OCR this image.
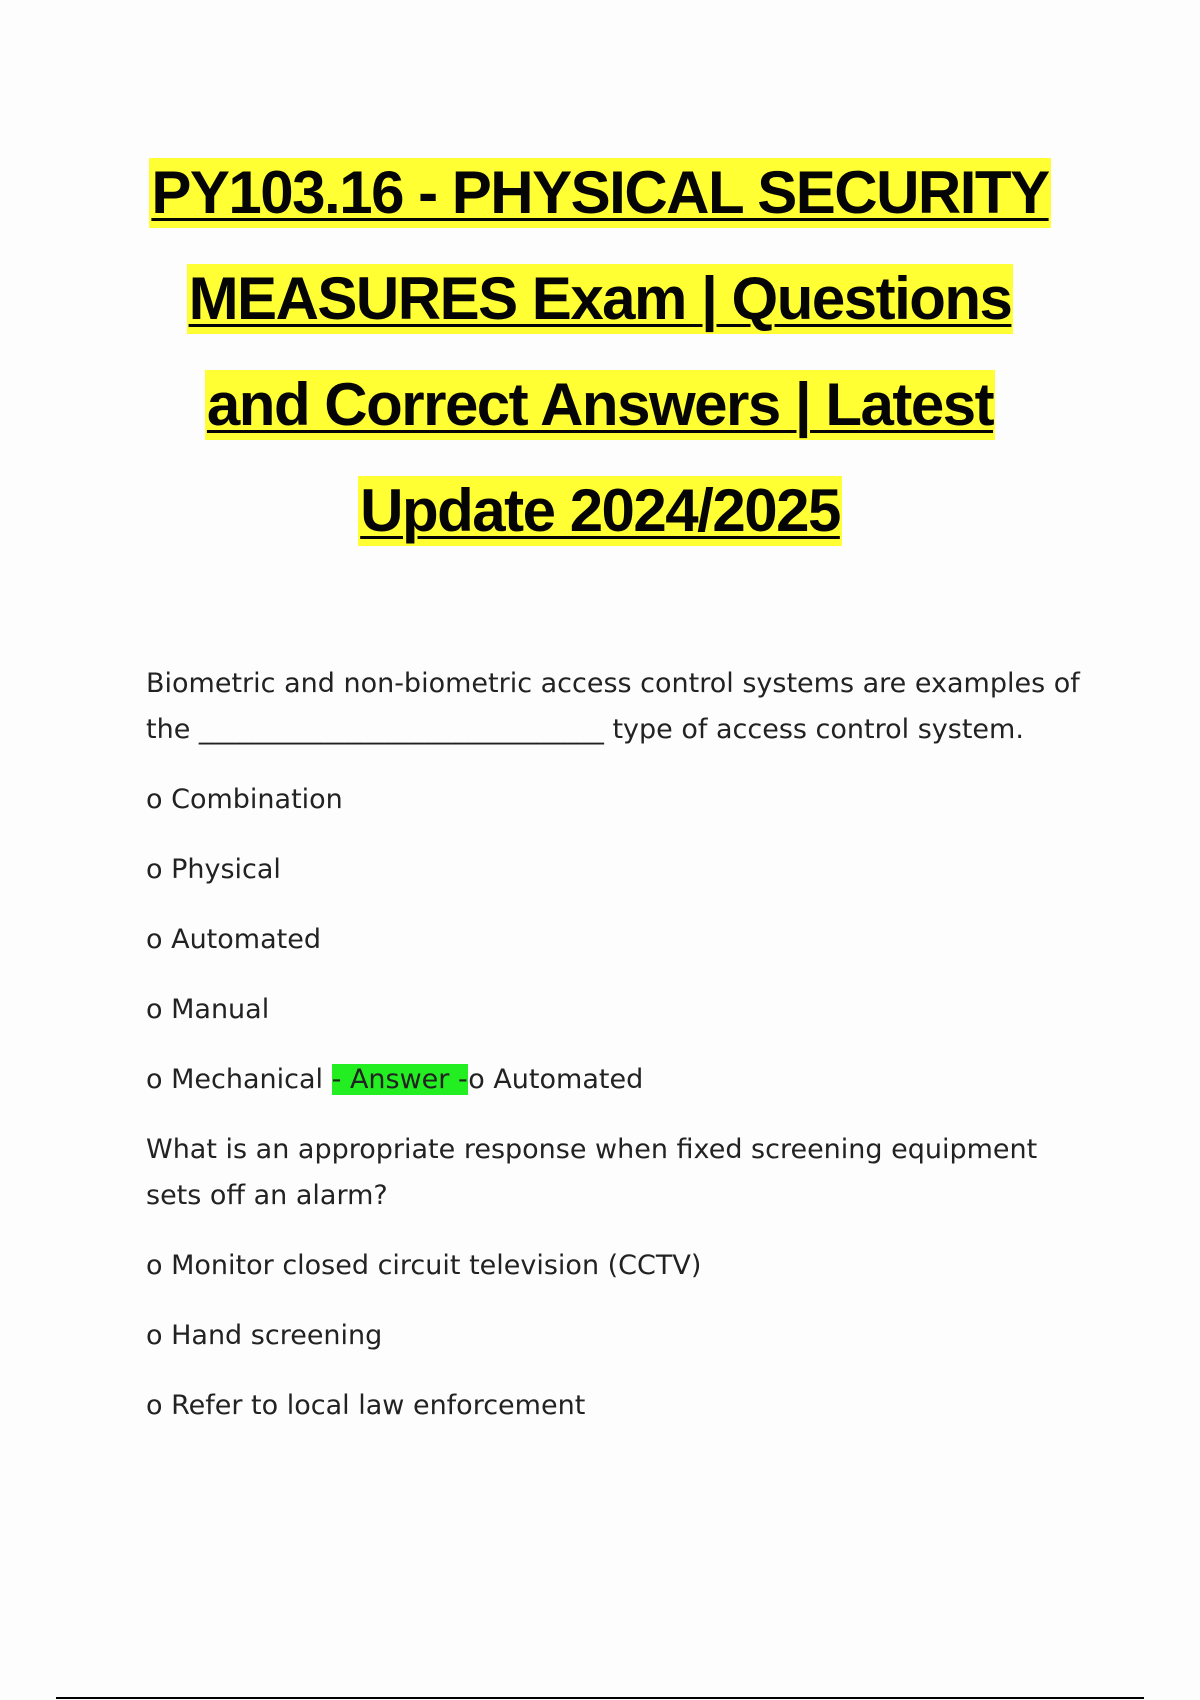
PY103.16 - PHYSICAL SECURITY
MEASURES Exam | Questions
and Correct Answers | Latest
Update 2024/2025
Biometric and non-biometric access control systems are examples of the ______________________________ type of access control system.
o Combination
o Physical
o Automated
o Manual
o Mechanical - Answer -o Automated
What is an appropriate response when fixed screening equipment sets off an alarm?
o Monitor closed circuit television (CCTV)
o Hand screening
o Refer to local law enforcement
